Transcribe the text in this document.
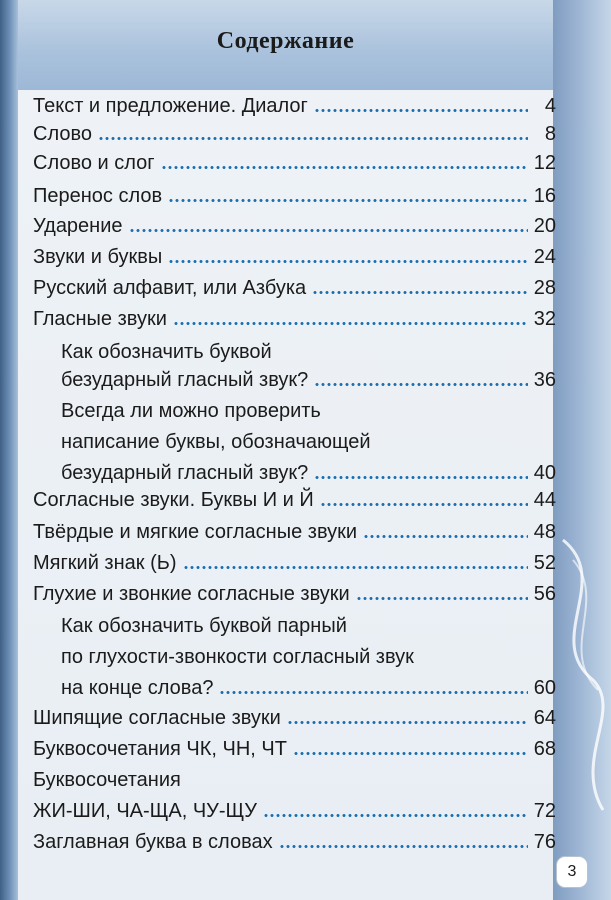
Содержание
Текст и предложение. Диалог	4
Слово	8
Слово и слог	12
Перенос слов	16
Ударение	20
Звуки и буквы	24
Русский алфавит, или Азбука	28
Гласные звуки	32
Как обозначить буквой
безударный гласный звук?	36
Всегда ли можно проверить
написание буквы, обозначающей
безударный гласный звук?	40
Согласные звуки. Буквы И и Й	44
Твёрдые и мягкие согласные звуки	48
Мягкий знак (Ь)	52
Глухие и звонкие согласные звуки	56
Как обозначить буквой парный
по глухости-звонкости согласный звук
на конце слова?	60
Шипящие согласные звуки	64
Буквосочетания ЧК, ЧН, ЧТ	68
Буквосочетания
ЖИ-ШИ, ЧА-ЩА, ЧУ-ЩУ	72
Заглавная буква в словах	76
3
